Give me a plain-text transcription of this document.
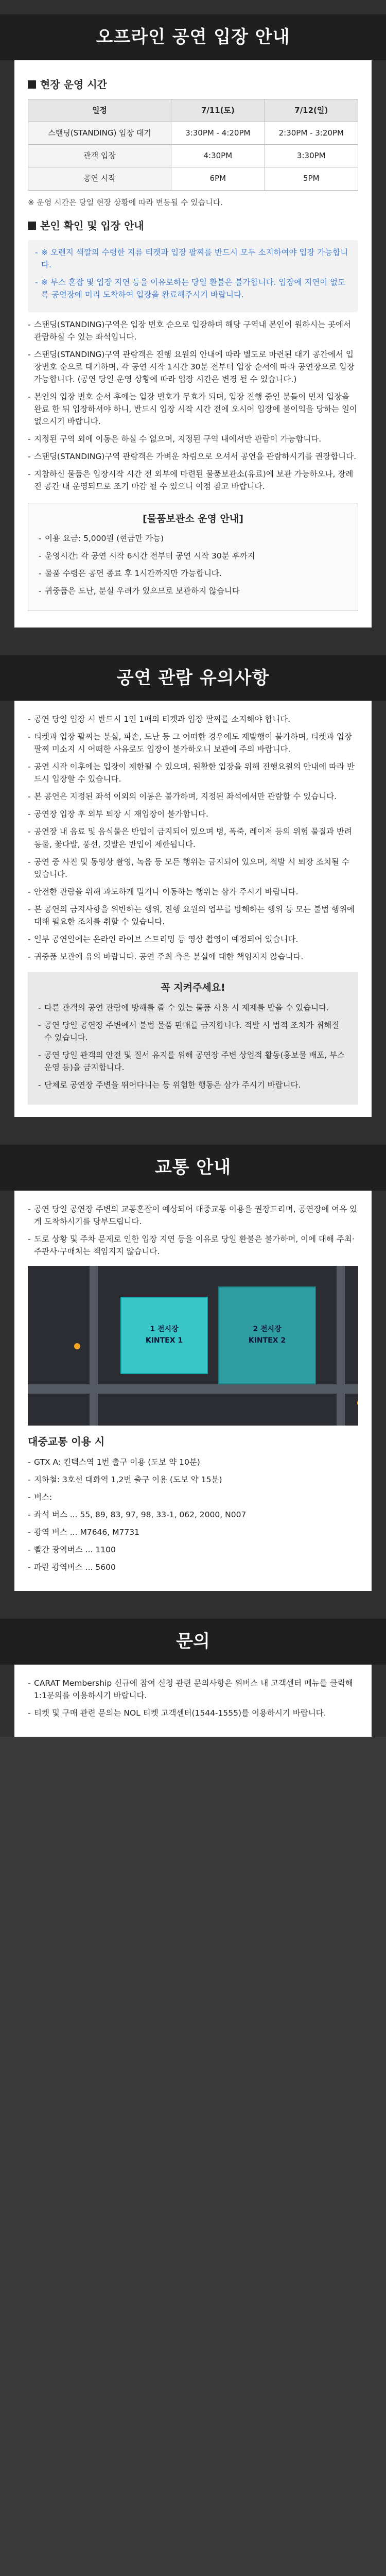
오프라인 공연 입장 안내
현장 운영 시간
일정	7/11(토)	7/12(일)
스탠딩(STANDING) 입장 대기	3:30PM - 4:20PM	2:30PM - 3:20PM
관객 입장	4:30PM	3:30PM
공연 시작	6PM	5PM

※ 운영 시간은 당일 현장 상황에 따라 변동될 수 있습니다.

본인 확인 및 입장 안내
- ※ 오렌지 색깔의 수령한 지류 티켓과 입장 팔찌를 반드시 모두 소지하여야 입장 가능합니다.
- ※ 부스 혼잡 및 입장 지연 등을 이유로하는 당일 환불은 불가합니다. 입장에 지연이 없도록 공연장에 미리 도착하여 입장을 완료해주시기 바랍니다.
- 스탠딩(STANDING)구역은 입장 번호 순으로 입장하며 해당 구역내 본인이 원하시는 곳에서 관람하실 수 있는 좌석입니다.
- 스탠딩(STANDING)구역 관람객은 진행 요원의 안내에 따라 별도로 마련된 대기 공간에서 입장번호 순으로 대기하며, 각 공연 시작 1시간 30분 전부터 입장 순서에 따라 공연장으로 입장 가능합니다. (공연 당일 운영 상황에 따라 입장 시간은 변경 될 수 있습니다.)
- 본인의 입장 번호 순서 후에는 입장 번호가 무효가 되며, 입장 진행 중인 분들이 먼저 입장을 완료 한 뒤 입장하셔야 하니, 반드시 입장 시작 시간 전에 오시어 입장에 불이익을 당하는 일이 없으시기 바랍니다.
- 지정된 구역 외에 이동은 하실 수 없으며, 지정된 구역 내에서만 관람이 가능합니다.
- 스탠딩(STANDING)구역 관람객은 가벼운 차림으로 오셔서 공연을 관람하시기를 권장합니다.
- 지참하신 물품은 입장시작 시간 전 외부에 마련된 물품보관소(유료)에 보관 가능하오나, 장례진 공간 내 운영되므로 조기 마감 될 수 있으니 이점 참고 바랍니다.
[물품보관소 운영 안내]
- 이용 요금: 5,000원 (현금만 가능)
- 운영시간: 각 공연 시작 6시간 전부터 공연 시작 30분 후까지
- 물품 수령은 공연 종료 후 1시간까지만 가능합니다.
- 귀중품은 도난, 분실 우려가 있으므로 보관하지 않습니다
공연 관람 유의사항
- 공연 당일 입장 시 반드시 1인 1매의 티켓과 입장 팔찌를 소지해야 합니다.
- 티켓과 입장 팔찌는 분실, 파손, 도난 등 그 어떠한 경우에도 재발행이 불가하며, 티켓과 입장 팔찌 미소지 시 어떠한 사유로도 입장이 불가하오니 보관에 주의 바랍니다.
- 공연 시작 이후에는 입장이 제한될 수 있으며, 원활한 입장을 위해 진행요원의 안내에 따라 반드시 입장할 수 있습니다.
- 본 공연은 지정된 좌석 이외의 이동은 불가하며, 지정된 좌석에서만 관람할 수 있습니다.
- 공연장 입장 후 외부 퇴장 시 재입장이 불가합니다.
- 공연장 내 음료 및 음식물은 반입이 금지되어 있으며 병, 폭죽, 레이저 등의 위험 물질과 반려동물, 꽃다발, 풍선, 깃발은 반입이 제한됩니다.
- 공연 중 사진 및 동영상 촬영, 녹음 등 모든 행위는 금지되어 있으며, 적발 시 퇴장 조치될 수 있습니다.
- 안전한 관람을 위해 과도하게 밀거나 이동하는 행위는 삼가 주시기 바랍니다.
- 본 공연의 금지사항을 위반하는 행위, 진행 요원의 업무를 방해하는 행위 등 모든 불법 행위에 대해 필요한 조치를 취할 수 있습니다.
- 일부 공연일에는 온라인 라이브 스트리밍 등 영상 촬영이 예정되어 있습니다.
- 귀중품 보관에 유의 바랍니다. 공연 주최 측은 분실에 대한 책임지지 않습니다.
꼭 지켜주세요!
- 다른 관객의 공연 관람에 방해를 줄 수 있는 물품 사용 시 제재를 받을 수 있습니다.
- 공연 당일 공연장 주변에서 불법 물품 판매를 금지합니다. 적발 시 법적 조치가 취해질 수 있습니다.
- 공연 당일 관객의 안전 및 질서 유지를 위해 공연장 주변 상업적 활동(홍보물 배포, 부스 운영 등)을 금지합니다.
- 단체로 공연장 주변을 뛰어다니는 등 위험한 행동은 삼가 주시기 바랍니다.
교통 안내
- 공연 당일 공연장 주변의 교통혼잡이 예상되어 대중교통 이용을 권장드리며, 공연장에 여유 있게 도착하시기를 당부드립니다.
- 도로 상황 및 주차 문제로 인한 입장 지연 등을 이유로 당일 환불은 불가하며, 이에 대해 주최·주관사·구매처는 책임지지 않습니다.
1 전시장
KINTEX 1
2 전시장
KINTEX 2
대중교통 이용 시
- GTX A: 킨텍스역 1번 출구 이용 (도보 약 10분)
- 지하철: 3호선 대화역 1,2번 출구 이용 (도보 약 15분)
- 버스:
- 좌석 버스 ... 55, 89, 83, 97, 98, 33-1, 062, 2000, N007
- 광역 버스 ... M7646, M7731
- 빨간 광역버스 ... 1100
- 파란 광역버스 ... 5600
문의
- CARAT Membership 신규에 참여 신청 관련 문의사항은 위버스 내 고객센터 메뉴를 클릭해 1:1문의를 이용하시기 바랍니다.
- 티켓 및 구매 관련 문의는 NOL 티켓 고객센터(1544-1555)를 이용하시기 바랍니다.
